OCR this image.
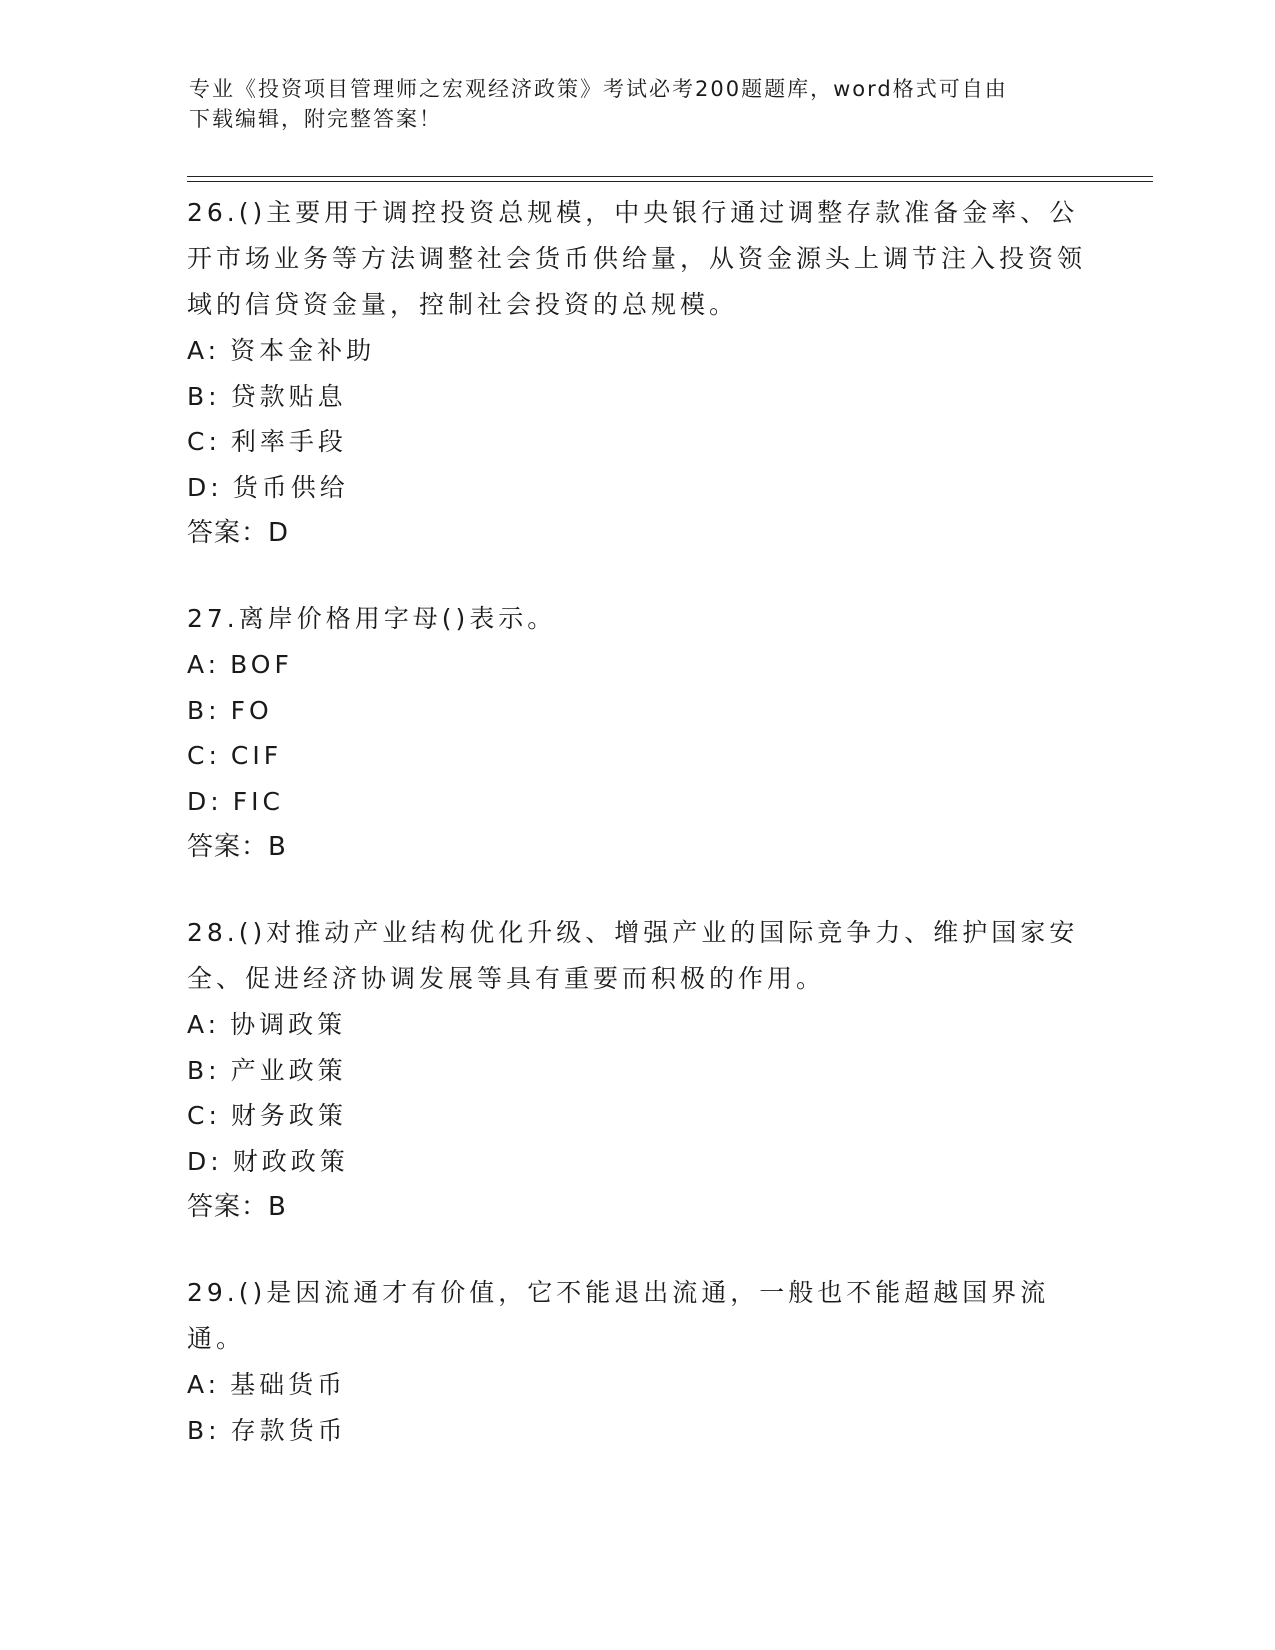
专业《投资项目管理师之宏观经济政策》考试必考200题题库，word格式可自由
下载编辑，附完整答案！

26.()主要用于调控投资总规模，中央银行通过调整存款准备金率、公开市场业务等方法调整社会货币供给量，从资金源头上调节注入投资领域的信贷资金量，控制社会投资的总规模。

A: 资本金补助

B: 贷款贴息

C: 利率手段

D: 货币供给

答案：D

27.离岸价格用字母()表示。

A: BOF

B: FO

C: CIF

D: FIC

答案：B

28.()对推动产业结构优化升级、增强产业的国际竞争力、维护国家安全、促进经济协调发展等具有重要而积极的作用。

A: 协调政策

B: 产业政策

C: 财务政策

D: 财政政策

答案：B

29.()是因流通才有价值，它不能退出流通，一般也不能超越国界流通。

A: 基础货币

B: 存款货币
